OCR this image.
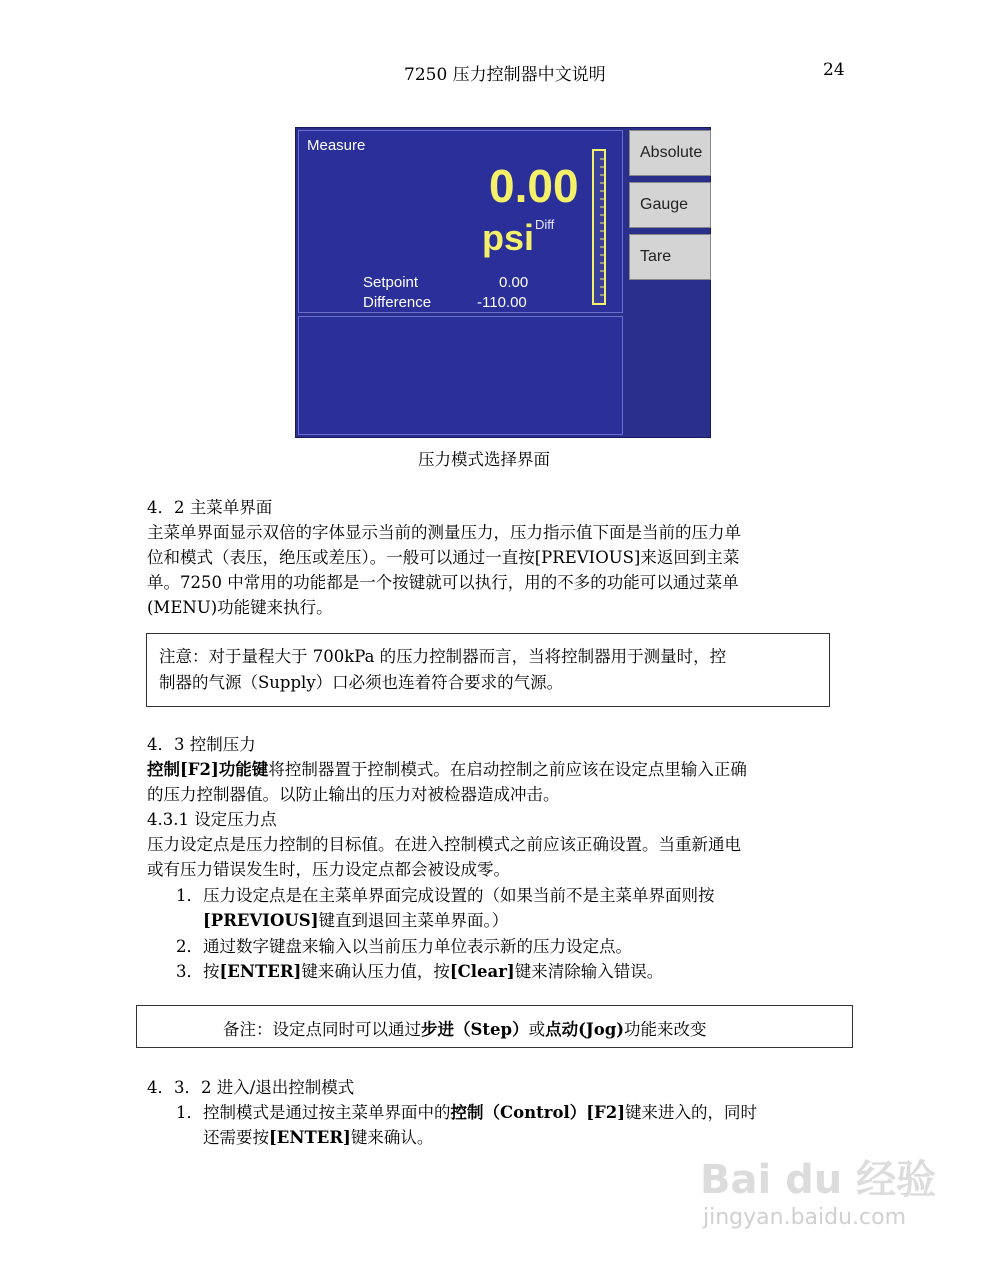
7250 压力控制器中文说明	24
Measure
0.00
psi Diff
Setpoint	0.00
Difference	-110.00
Absolute
Gauge
Tare
压力模式选择界面
4．2 主菜单界面
主菜单界面显示双倍的字体显示当前的测量压力，压力指示值下面是当前的压力单
位和模式（表压，绝压或差压）。一般可以通过一直按[PREVIOUS]来返回到主菜
单。7250 中常用的功能都是一个按键就可以执行，用的不多的功能可以通过菜单
(MENU)功能键来执行。
注意：对于量程大于 700kPa 的压力控制器而言，当将控制器用于测量时，控
制器的气源（Supply）口必须也连着符合要求的气源。
4．3 控制压力
控制[F2]功能键将控制器置于控制模式。在启动控制之前应该在设定点里输入正确
的压力控制器值。以防止输出的压力对被检器造成冲击。
4.3.1 设定压力点
压力设定点是压力控制的目标值。在进入控制模式之前应该正确设置。当重新通电
或有压力错误发生时，压力设定点都会被设成零。
1． 压力设定点是在主菜单界面完成设置的（如果当前不是主菜单界面则按
[PREVIOUS]键直到退回主菜单界面。）
2． 通过数字键盘来输入以当前压力单位表示新的压力设定点。
3． 按[ENTER]键来确认压力值，按[Clear]键来清除输入错误。
备注：设定点同时可以通过步进（Step）或点动(Jog)功能来改变
4．3．2 进入/退出控制模式
1． 控制模式是通过按主菜单界面中的控制（Control）[F2]键来进入的，同时
还需要按[ENTER]键来确认。
Bai du 经验
jingyan.baidu.com
